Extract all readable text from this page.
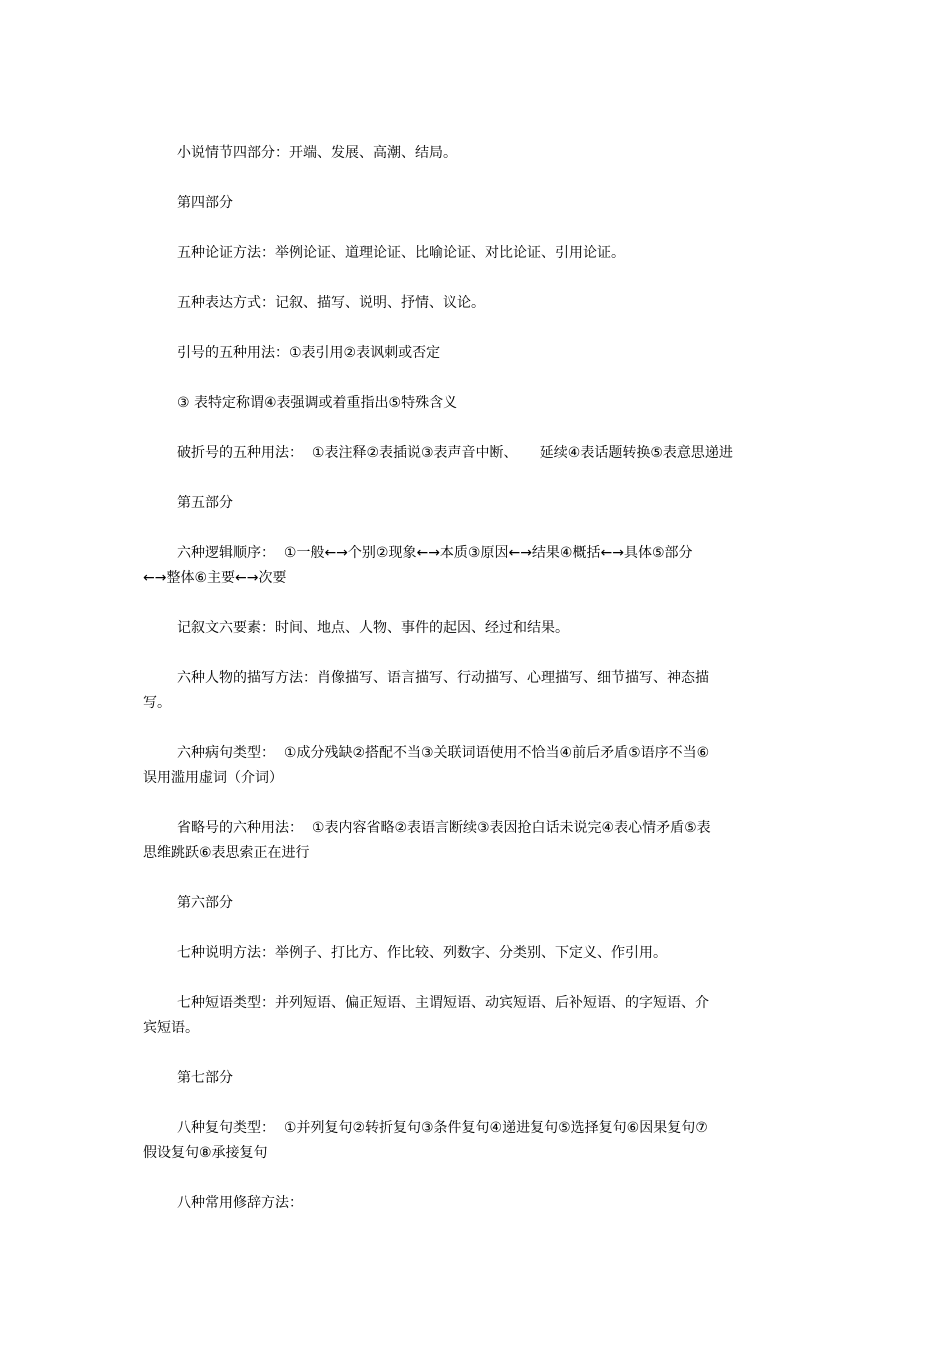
小说情节四部分：开端、发展、高潮、结局。
第四部分
五种论证方法：举例论证、道理论证、比喻论证、对比论证、引用论证。
五种表达方式：记叙、描写、说明、抒情、议论。
引号的五种用法：①表引用②表讽刺或否定
③ 表特定称谓④表强调或着重指出⑤特殊含义
破折号的五种用法：  ①表注释②表插说③表声音中断、     延续④表话题转换⑤表意思递进
第五部分
六种逻辑顺序：  ①一般←→个别②现象←→本质③原因←→结果④概括←→具体⑤部分
←→整体⑥主要←→次要
记叙文六要素：时间、地点、人物、事件的起因、经过和结果。
六种人物的描写方法：肖像描写、语言描写、行动描写、心理描写、细节描写、神态描
写。
六种病句类型：  ①成分残缺②搭配不当③关联词语使用不恰当④前后矛盾⑤语序不当⑥
误用滥用虚词（介词）
省略号的六种用法：  ①表内容省略②表语言断续③表因抢白话未说完④表心情矛盾⑤表
思维跳跃⑥表思索正在进行
第六部分
七种说明方法：举例子、打比方、作比较、列数字、分类别、下定义、作引用。
七种短语类型：并列短语、偏正短语、主谓短语、动宾短语、后补短语、的字短语、介
宾短语。
第七部分
八种复句类型：  ①并列复句②转折复句③条件复句④递进复句⑤选择复句⑥因果复句⑦
假设复句⑧承接复句
八种常用修辞方法：
